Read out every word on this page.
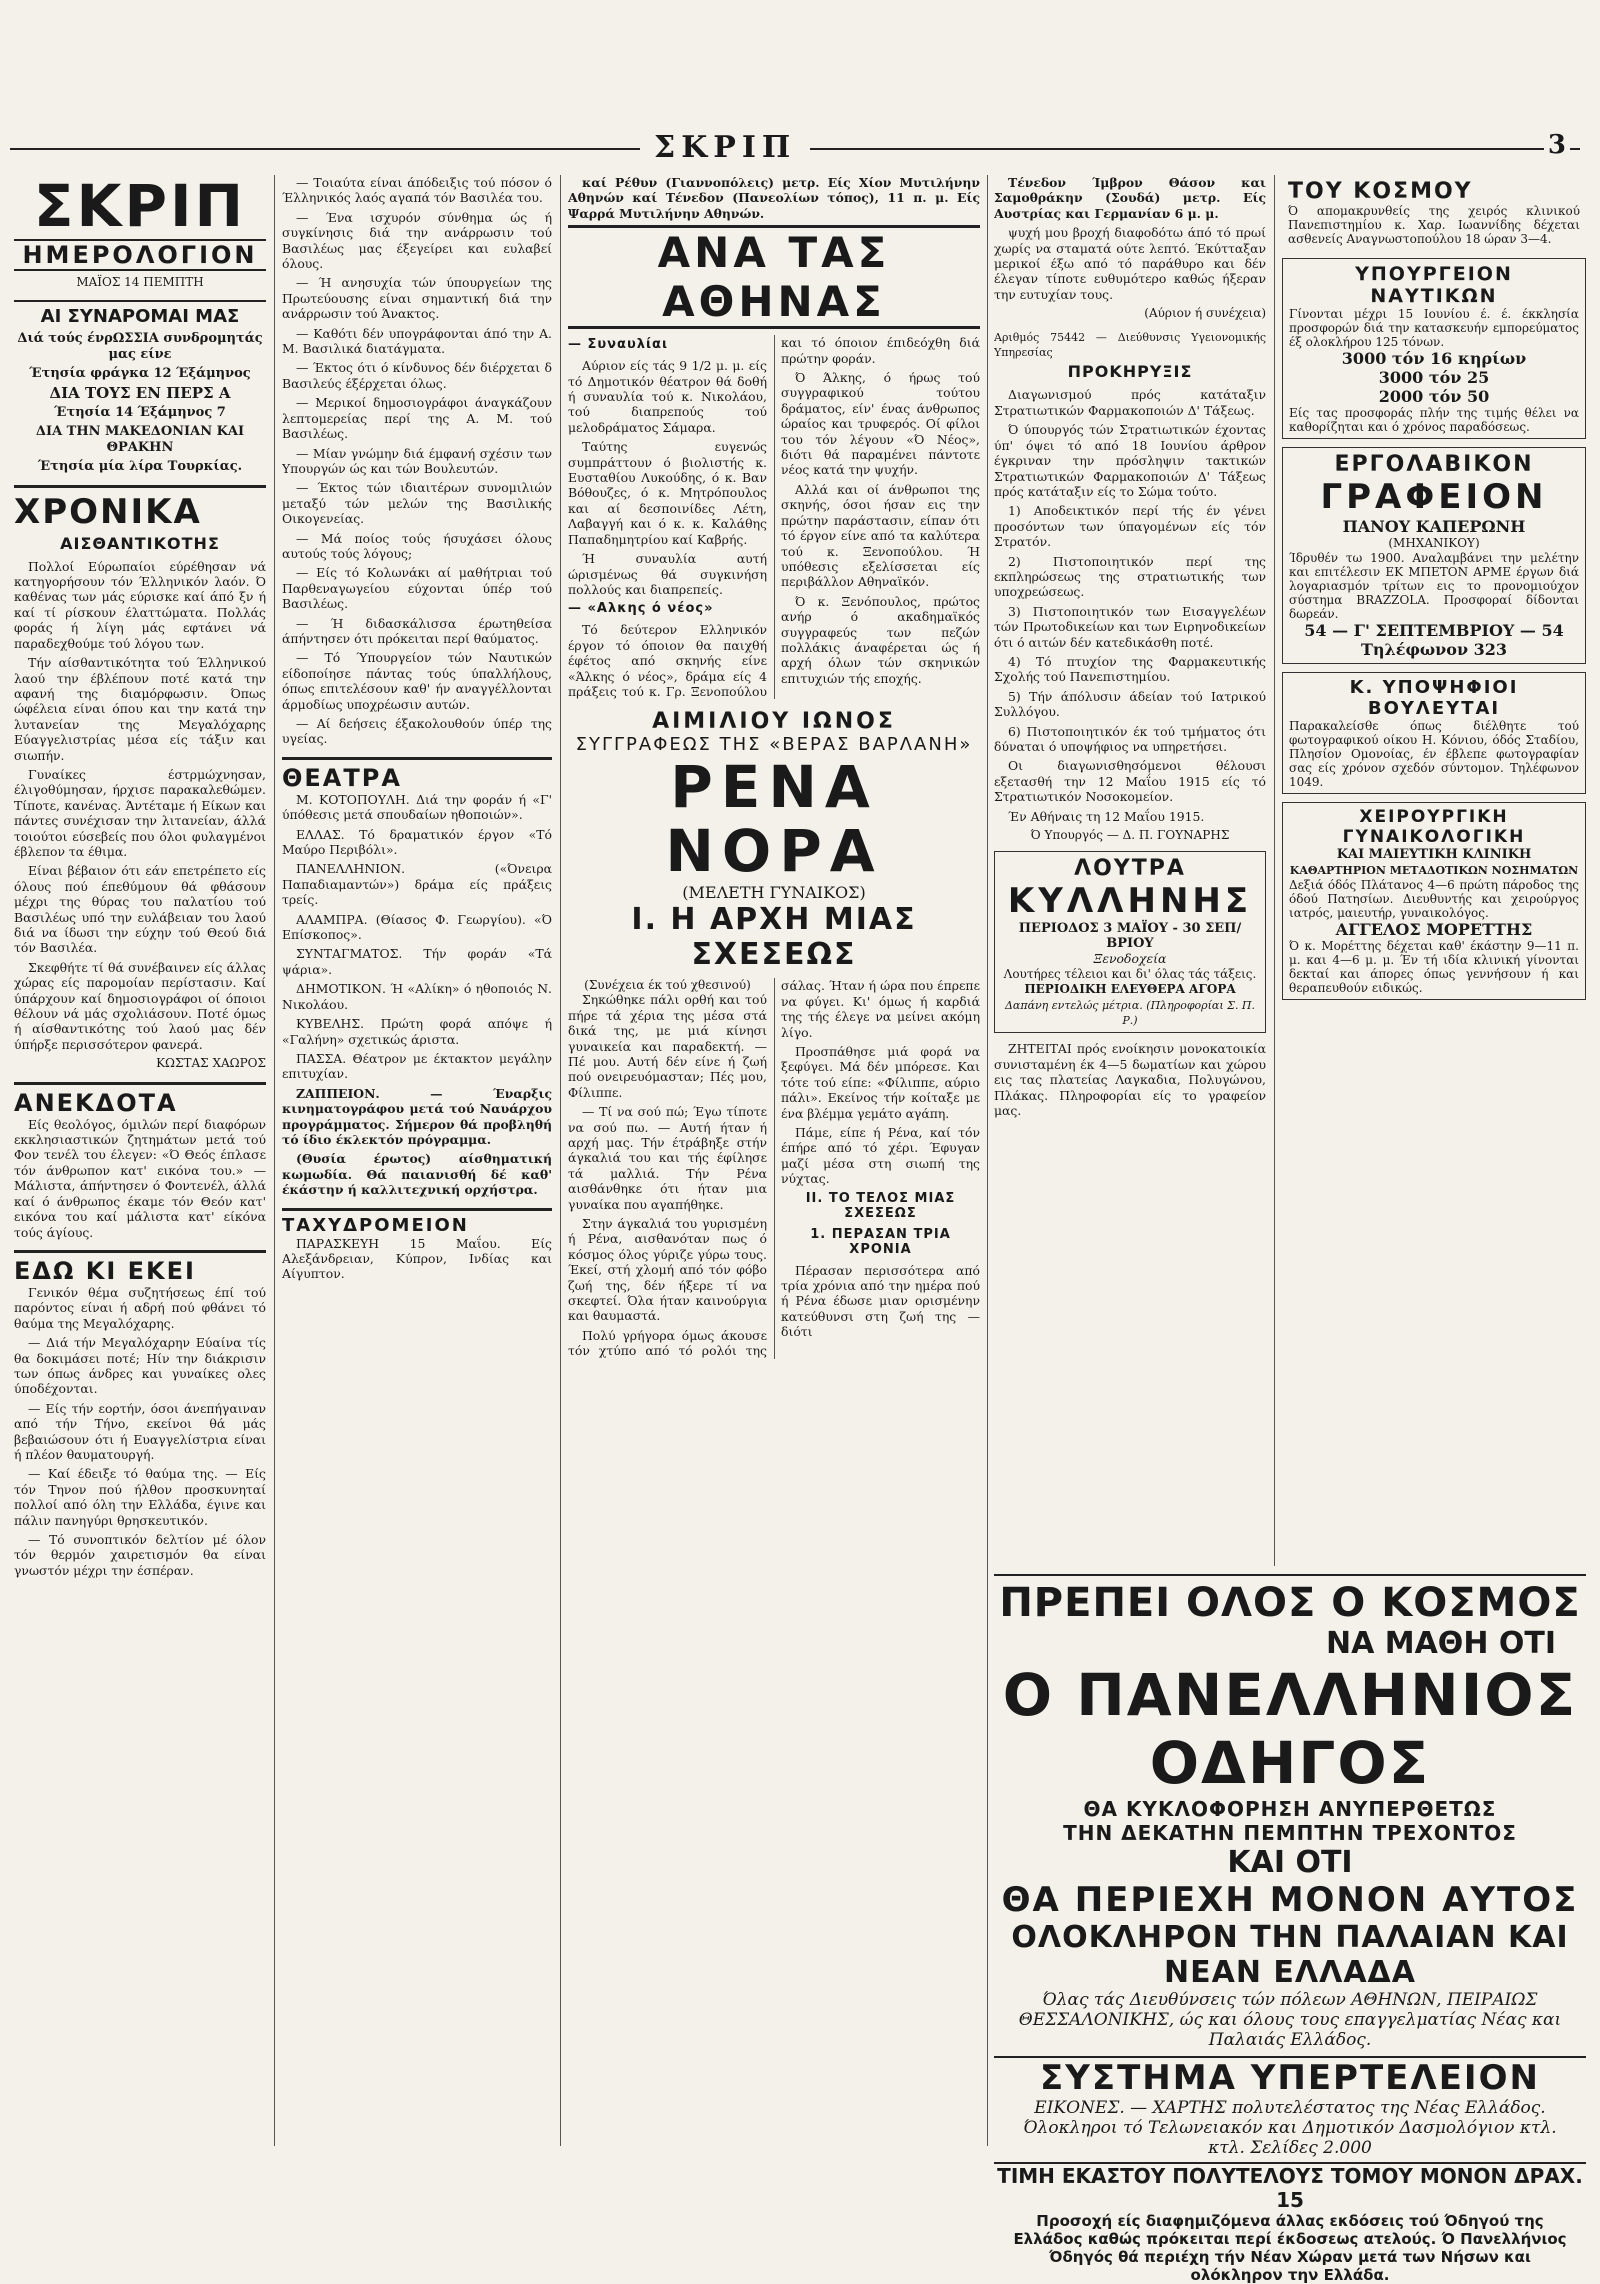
ΣΚΡΙΠ	3
ΣΚΡΙΠ
ΗΜΕΡΟΛΟΓΙΟΝ
ΜΑΪΟΣ 14 ΠΕΜΠΤΗ
ΑΙ ΣΥΝΑΡΟΜΑΙ ΜΑΣ
Διά τούς ένρΩΣΣΙΑ συνδρομητάς μας είνε
Έτησία φράγκα 12 Έξάμηνος
ΔΙΑ ΤΟΥΣ ΕΝ ΠΕΡΣ Α
Έτησία 14 Έξάμηνος 7
ΔΙΑ ΤΗΝ ΜΑΚΕΔΟΝΙΑΝ ΚΑΙ ΘΡΑΚΗΝ
Έτησία μία λίρα Τουρκίας.
ΧΡΟΝΙΚΑ
ΑΙΣΘΑΝΤΙΚΟΤΗΣ

Πολλοί Εύρωπαίοι εύρέθησαν νά κατηγορήσουν τόν Έλληνικόν λαόν. Ό καθένας των μάς εύρισκε καί άπό ξν ή καί τί ρίσκουν έλαττώματα. Πολλάς φοράς ή λίγη μάς εφτάνει νά παραδεχθούμε τού λόγου των.

Τήν αίσθαντικότητα τού Έλληνικού λαού την έβλέπουν ποτέ κατά την αφανή της διαμόρφωσιν. Όπως ώφέλεια είναι όπου και την κατά την λυτανείαν της Μεγαλόχαρης Εύαγγελιστρίας μέσα είς τάξιν και σιωπήν.

Γυναίκες έστρμώχνησαν, έλιγοθύμησαν, ήρχισε παρακαλεθώμεν. Τίποτε, κανένας. Άντέταμε ή Είκων και πάντες συνέχισαν την λιτανείαν, άλλά τοιούτοι εύσεβείς που όλοι φυλαγμένοι έβλεπον τα έθιμα.

Είναι βέβαιον ότι εάν επετρέπετο είς όλους πού έπεθύμουν θά φθάσουν μέχρι της θύρας του παλατίου τού Βασιλέως υπό την ευλάβειαν του λαού διά να ίδωσι την εύχην τού Θεού διά τόν Βασιλέα.

Σκεφθήτε τί θά συνέβαινεν είς άλλας χώρας είς παρομοίαν περίστασιν. Καί ύπάρχουν καί δημοσιογράφοι οί όποιοι θέλουν νά μάς σχολιάσουν. Ποτέ όμως ή αίσθαντικότης τού λαού μας δέν ύπήρξε περισσότερον φανερά.

ΚΩΣΤΑΣ ΧΑΩΡΟΣ
ΑΝΕΚΔΟΤΑ

Είς θεολόγος, όμιλών περί διαφόρων εκκλησιαστικών ζητημάτων μετά τού Φον τενέλ του έλεγεν: «Ό Θεός έπλασε τόν άνθρωπον κατ' εικόνα του.» — Μάλιστα, άπήντησεν ό Φοντενέλ, άλλά καί ό άνθρωπος έκαμε τόν Θεόν κατ' εικόνα του καί μάλιστα κατ' είκόνα τούς άγίους.

ΕΔΩ ΚΙ ΕΚΕΙ

Γενικόν θέμα συζητήσεως έπί τού παρόντος είναι ή αδρή πού φθάνει τό θαύμα της Μεγαλόχαρης.

— Διά τήν Μεγαλόχαρην Εύαίνα τίς θα δοκιμάσει ποτέ; Ηίν την διάκρισιν των όπως άνδρες και γυναίκες ολες ύποδέχονται.

— Είς τήν εορτήν, όσοι άνεπήγαιναν από τήν Τήνο, εκείνοι θά μάς βεβαιώσουν ότι ή Ευαγγελίστρια είναι ή πλέον θαυματουργή.

— Καί έδειξε τό θαύμα της. — Είς τόν Τηνον πού ήλθον προσκυνηταί πολλοί από όλη την Ελλάδα, έγινε και πάλιν πανηγύρι θρησκευτικόν.

— Τό συνοπτικόν δελτίον μέ όλον τόν θερμόν χαιρετισμόν θα είναι γνωστόν μέχρι την έσπέραν.

— Τοιαύτα είναι άπόδειξις τού πόσον ό Έλληνικός λαός αγαπά τόν Βασιλέα του.

— Ένα ισχυρόν σύνθημα ώς ή συγκίνησις διά την ανάρρωσιν τού Βασιλέως μας έξεγείρει και ευλαβεί όλους.

— Ή ανησυχία τών ύπουργείων της Πρωτεύουσης είναι σημαντική διά την ανάρρωσιν τού Άνακτος.

— Καθότι δέν υπογράφονται άπό την Α. Μ. Βασιλικά διατάγματα.

— Έκτος ότι ό κίνδυνος δέν διέρχεται δ Βασιλεύς έξέρχεται όλως.

— Μερικοί δημοσιογράφοι άναγκάζουν λεπτομερείας περί της Α. Μ. τού Βασιλέως.

— Μίαν γνώμην διά έμφανή σχέσιν των Υπουργών ώς και τών Βουλευτών.

— Έκτος τών ιδιαιτέρων συνομιλιών μεταξύ τών μελών της Βασιλικής Οικογενείας.

— Μά ποίος τούς ήσυχάσει όλους αυτούς τούς λόγους;

— Είς τό Κολωνάκι αί μαθήτριαι τού Παρθεναγωγείου εύχονται ύπέρ τού Βασιλέως.

— Ή διδασκάλισσα έρωτηθείσα άπήντησεν ότι πρόκειται περί θαύματος.

— Τό Ύπουργείον τών Ναυτικών είδοποίησε πάντας τούς ύπαλλήλους, όπως επιτελέσουν καθ' ήν αναγγέλλονται άρμοδίως υποχρέωσιν αυτών.

— Αί δεήσεις έξακολουθούν ύπέρ της υγείας.

ΘΕΑΤΡΑ

Μ. ΚΟΤΟΠΟΥΛΗ. Διά την φοράν ή «Γ' ύπόθεσις μετά σπουδαίων ηθοποιών».

ΕΛΛΑΣ. Τό δραματικόν έργον «Τό Μαύρο Περιβόλι».

ΠΑΝΕΛΛΗΝΙΟΝ. («Όνειρα Παπαδιαμαντών») δράμα είς πράξεις τρείς.

ΑΛΑΜΠΡΑ. (Θίασος Φ. Γεωργίου). «Ό Επίσκοπος».

ΣΥΝΤΑΓΜΑΤΟΣ. Τήν φοράν «Τά ψάρια».

ΔΗΜΟΤΙΚΟΝ. Ή «Αλίκη» ό ηθοποιός Ν. Νικολάου.

ΚΥΒΕΛΗΣ. Πρώτη φορά απόψε ή «Γαλήνη» σχετικώς άριστα.

ΠΑΣΣΑ. Θέατρον με έκτακτον μεγάλην επιτυχίαν.

ΖΑΠΠΕΙΟΝ. — Έναρξις κινηματογράφου μετά τού Ναυάρχου προγράμματος. Σήμερον θά προβληθή τό ίδιο έκλεκτόν πρόγραμμα.

(Θυσία έρωτος) αίσθηματική κωμωδία. Θά παιανισθή δέ καθ' έκάστην ή καλλιτεχνική ορχήστρα.

ΤΑΧΥΔΡΟΜΕΙΟΝ

ΠΑΡΑΣΚΕΥΗ 15 Μαΐου. Είς Αλεξάνδρειαν, Κύπρον, Ινδίας και Αίγυπτον.

καί Ρέθυν (Γιαννοπόλεις) μετρ. Είς Χίον Μυτιλήνην Αθηνών καί Τένεδον (Πανεολίων τόπος), 11 π. μ. Είς Ψαρρά Μυτιλήνην Αθηνών.

ΑΝΑ ΤΑΣ ΑΘΗΝΑΣ
— Συναυλίαι

Αύριον είς τάς 9 1/2 μ. μ. είς τό Δημοτικόν θέατρον θά δοθή ή συναυλία τού κ. Νικολάου, τού διαπρεπούς τού μελοδράματος Σάμαρα.

Ταύτης ευγενώς συμπράττουν ό βιολιστής κ. Ευσταθίου Λυκούδης, ό κ. Βαν Βόθουζες, ό κ. Μητρόπουλος και αί δεσποινίδες Λέτη, Λαβαγγή και ό κ. κ. Καλάθης Παπαδημητρίου καί Καβρής.

Ή συναυλία αυτή ώρισμένως θά συγκινήση πολλούς και διαπρεπείς.

— «Αλκης ό νέος»

Τό δεύτερον Ελληνικόν έργον τό όποιον θα παιχθή έφέτος από σκηνής είνε «Άλκης ό νέος», δράμα είς 4 πράξεις τού κ. Γρ. Ξενοπούλου και τό όποιον έπιδεόχθη διά πρώτην φοράν.

Ό Άλκης, ό ήρως τού συγγραφικού τούτου δράματος, είν' ένας άνθρωπος ώραίος και τρυφερός. Οί φίλοι του τόν λέγουν «Ό Νέος», διότι θά παραμένει πάντοτε νέος κατά την ψυχήν.

Αλλά και οί άνθρωποι της σκηνής, όσοι ήσαν εις την πρώτην παράστασιν, είπαν ότι τό έργον είνε από τα καλύτερα τού κ. Ξενοπούλου. Ή υπόθεσις εξελίσσεται είς περιβάλλον Αθηναϊκόν.

Ό κ. Ξενόπουλος, πρώτος ανήρ ό ακαδημαϊκός συγγραφεύς των πεζών πολλάκις άναφέρεται ώς ή αρχή όλων τών σκηνικών επιτυχιών τής εποχής.

ΑΙΜΙΛΙΟΥ ΙΩΝΟΣ
ΣΥΓΓΡΑΦΕΩΣ ΤΗΣ «ΒΕΡΑΣ ΒΑΡΛΑΝΗ»
ΡΕΝΑ ΝΟΡΑ
(ΜΕΛΕΤΗ ΓΥΝΑΙΚΟΣ)
Ι. Η ΑΡΧΗ ΜΙΑΣ ΣΧΕΣΕΩΣ
(Συνέχεια έκ τού χθεσινού)

Σηκώθηκε πάλι ορθή και τού πήρε τά χέρια της μέσα στά δικά της, με μιά κίνησι γυναικεία και παραδεκτή. — Πέ μου. Αυτή δέν είνε ή ζωή πού ονειρευόμασταν; Πές μου, Φίλιππε.

— Τί να σού πώ; Έγω τίποτε να σού πω. — Αυτή ήταν ή αρχή μας. Τήν έτράβηξε στήν άγκαλιά του και τής έφίλησε τά μαλλιά. Τήν Ρένα αισθάνθηκε ότι ήταν μια γυναίκα που αγαπήθηκε.

Στην άγκαλιά του γυρισμένη ή Ρένα, αισθανόταν πως ό κόσμος όλος γύριζε γύρω τους. Έκεί, στή χλομή από τόν φόβο ζωή της, δέν ήξερε τί να σκεφτεί. Όλα ήταν καινούργια και θαυμαστά.

Πολύ γρήγορα όμως άκουσε τόν χτύπο από τό ρολόι της σάλας. Ήταν ή ώρα που έπρεπε να φύγει. Κι' όμως ή καρδιά της τής έλεγε να μείνει ακόμη λίγο.

Προσπάθησε μιά φορά να ξεφύγει. Μά δέν μπόρεσε. Και τότε τού είπε: «Φίλιππε, αύριο πάλι». Εκείνος τήν κοίταξε με ένα βλέμμα γεμάτο αγάπη.

Πάμε, είπε ή Ρένα, καί τόν έπήρε από τό χέρι. Έφυγαν μαζί μέσα στη σιωπή της νύχτας.

ΙΙ. ΤΟ ΤΕΛΟΣ ΜΙΑΣ ΣΧΕΣΕΩΣ
1. ΠΕΡΑΣΑΝ ΤΡΙΑ ΧΡΟΝΙΑ

Πέρασαν περισσότερα από τρία χρόνια από την ημέρα πού ή Ρένα έδωσε μιαν ορισμένην κατεύθυνσι στη ζωή της — διότι

Τένεδον Ίμβρον Θάσον και Σαμοθράκην (Σουδά) μετρ. Είς Αυστρίας και Γερμανίαν 6 μ. μ.

ψυχή μου βροχή διαφοδότω άπό τό πρωί χωρίς να σταματά ούτε λεπτό. Έκύτταξαν μερικοί έξω από τό παράθυρο και δέν έλεγαν τίποτε ευθυμότερο καθώς ήξεραν την ευτυχίαν τους.

(Αύριον ή συνέχεια)
Αριθμός 75442 — Διεύθυνσις Υγειονομικής Υπηρεσίας
ΠΡΟΚΗΡΥΞΙΣ

Διαγωνισμού πρός κατάταξιν Στρατιωτικών Φαρμακοποιών Δ' Τάξεως.

Ό ύπουργός τών Στρατιωτικών έχοντας ύπ' όψει τό από 18 Ιουνίου άρθρον έγκριναν την πρόσληψιν τακτικών Στρατιωτικών Φαρμακοποιών Δ' Τάξεως πρός κατάταξιν είς το Σώμα τούτο.

1) Αποδεικτικόν περί τής έν γένει προσόντων των ύπαγομένων είς τόν Στρατόν.

2) Πιστοποιητικόν περί της εκπληρώσεως της στρατιωτικής των υποχρεώσεως.

3) Πιστοποιητικόν των Εισαγγελέων τών Πρωτοδικείων και των Ειρηνοδικείων ότι ό αιτών δέν κατεδικάσθη ποτέ.

4) Τό πτυχίον της Φαρμακευτικής Σχολής τού Πανεπιστημίου.

5) Τήν άπόλυσιν άδείαν τού Ιατρικού Συλλόγου.

6) Πιστοποιητικόν έκ τού τμήματος ότι δύναται ό υποψήφιος να υπηρετήσει.

Οι διαγωνισθησόμενοι θέλουσι εξετασθή την 12 Μαΐου 1915 είς τό Στρατιωτικόν Νοσοκομείον.

Έν Αθήναις τη 12 Μαΐου 1915.

Ό Υπουργός — Δ. Π. ΓΟΥΝΑΡΗΣ
ΛΟΥΤΡΑ
ΚΥΛΛΗΝΗΣ
ΠΕΡΙΟΔΟΣ 3 ΜΑΪΟΥ - 30 ΣΕΠ/ΒΡΙΟΥ
Ξενοδοχεία
Λουτήρες τέλειοι και δι' όλας τάς τάξεις.
ΠΕΡΙΟΔΙΚΗ ΕΛΕΥΘΕΡΑ ΑΓΟΡΑ
Δαπάνη εντελώς μέτρια. (Πληροφορίαι Σ. Π. Ρ.)

ΖΗΤΕΙΤΑΙ πρός ενοίκησιν μονοκατοικία συνισταμένη έκ 4—5 δωματίων και χώρου εις τας πλατείας Λαγκαδια, Πολυγώνου, Πλάκας. Πληροφορίαι είς το γραφείον μας.

ΤΟΥ ΚΟΣΜΟΥ
Ό απομακρυνθείς της χειρός κλινικού Πανεπιστημίου κ. Χαρ. Ιωαννίδης δέχεται ασθενείς Αναγνωστοπούλου 18 ώραν 3—4.
ΥΠΟΥΡΓΕΙΟΝ ΝΑΥΤΙΚΩΝ
Γίνονται μέχρι 15 Ιουνίου έ. έ. έκκλησία προσφορών διά την κατασκευήν εμπορεύματος έξ ολοκλήρου 125 τόνων.
3000 τόν 16 κηρίων
3000 τόν 25
2000 τόν 50
Είς τας προσφοράς πλήν της τιμής θέλει να καθορίζηται και ό χρόνος παραδόσεως.
ΕΡΓΟΛΑΒΙΚΟΝ
ΓΡΑΦΕΙΟΝ
ΠΑΝΟΥ ΚΑΠΕΡΩΝΗ
(ΜΗΧΑΝΙΚΟΥ)
Ίδρυθέν τω 1900. Αναλαμβάνει την μελέτην και επιτέλεσιν ΕΚ ΜΠΕΤΟΝ ΑΡΜΕ έργων διά λογαριασμόν τρίτων εις το προνομιούχον σύστημα BRAZZOLA. Προσφοραί δίδονται δωρεάν.
54 — Γ' ΣΕΠΤΕΜΒΡΙΟΥ — 54
Τηλέφωνον 323
Κ. ΥΠΟΨΗΦΙΟΙ ΒΟΥΛΕΥΤΑΙ
Παρακαλείσθε όπως διέλθητε τού φωτογραφικού οίκου Η. Κόνιου, όδός Σταδίου, Πλησίον Ομονοίας, έν έβλεπε φωτογραφίαν σας είς χρόνον σχεδόν σύντομον. Τηλέφωνον 1049.
ΧΕΙΡΟΥΡΓΙΚΗ ΓΥΝΑΙΚΟΛΟΓΙΚΗ
ΚΑΙ ΜΑΙΕΥΤΙΚΗ ΚΛΙΝΙΚΗ
ΚΑΘΑΡΤΗΡΙΟΝ ΜΕΤΑΔΟΤΙΚΩΝ ΝΟΣΗΜΑΤΩΝ
Δεξιά όδός Πλάτανος 4—6 πρώτη πάροδος της όδού Πατησίων. Διευθυντής και χειρούργος ιατρός, μαιευτήρ, γυναικολόγος.
ΑΓΓΕΛΟΣ ΜΟΡΕΤΤΗΣ
Ό κ. Μορέττης δέχεται καθ' έκάστην 9—11 π. μ. και 4—6 μ. μ. Έν τή ιδία κλινική γίνονται δεκταί και άπορες όπως γεννήσουν ή και θεραπευθούν ειδικώς.
ΠΡΕΠΕΙ ΟΛΟΣ Ο ΚΟΣΜΟΣ
ΝΑ ΜΑΘΗ ΟΤΙ
Ο ΠΑΝΕΛΛΗΝΙΟΣ ΟΔΗΓΟΣ
ΘΑ ΚΥΚΛΟΦΟΡΗΣΗ ΑΝΥΠΕΡΘΕΤΩΣ
ΤΗΝ ΔΕΚΑΤΗΝ ΠΕΜΠΤΗΝ ΤΡΕΧΟΝΤΟΣ
ΚΑΙ ΟΤΙ
ΘΑ ΠΕΡΙΕΧΗ ΜΟΝΟΝ ΑΥΤΟΣ
ΟΛΟΚΛΗΡΟΝ ΤΗΝ ΠΑΛΑΙΑΝ ΚΑΙ ΝΕΑΝ ΕΛΛΑΔΑ
Όλας τάς Διευθύνσεις τών πόλεων ΑΘΗΝΩΝ, ΠΕΙΡΑΙΩΣ ΘΕΣΣΑΛΟΝΙΚΗΣ, ώς και όλους τους επαγγελματίας Νέας και Παλαιάς Ελλάδος.
ΣΥΣΤΗΜΑ ΥΠΕΡΤΕΛΕΙΟΝ
ΕΙΚΟΝΕΣ. — ΧΑΡΤΗΣ πολυτελέστατος της Νέας Ελλάδος. Όλοκληροι τό Τελωνειακόν και Δημοτικόν Δασμολόγιον κτλ. κτλ. Σελίδες 2.000
ΤΙΜΗ ΕΚΑΣΤΟΥ ΠΟΛΥΤΕΛΟΥΣ ΤΟΜΟΥ ΜΟΝΟΝ ΔΡΑΧ. 15
Προσοχή είς διαφημιζόμενα άλλας εκδόσεις τού Όδηγού της Ελλάδος καθώς πρόκειται περί έκδοσεως ατελούς. Ό Πανελλήνιος Όδηγός θά περιέχη τήν Νέαν Χώραν μετά των Νήσων και ολόκληρον την Ελλάδα.
